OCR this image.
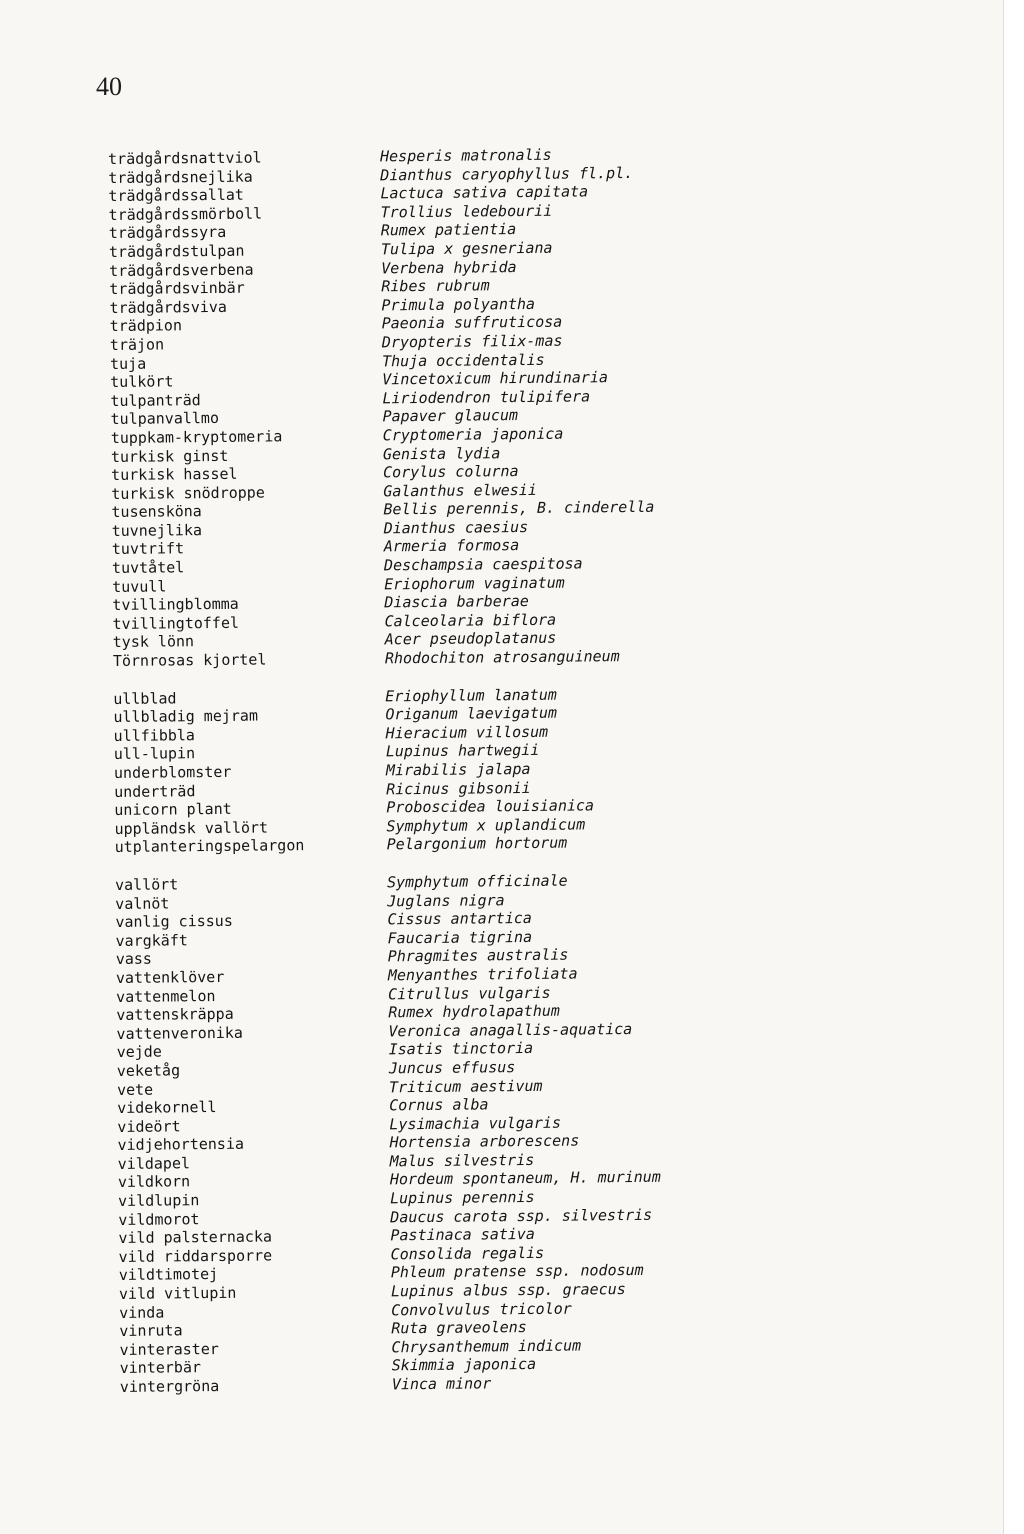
40
trädgårdsnattviol	Hesperis matronalis
trädgårdsnejlika	Dianthus caryophyllus fl.pl.
trädgårdssallat	Lactuca sativa capitata
trädgårdssmörboll	Trollius ledebourii
trädgårdssyra	Rumex patientia
trädgårdstulpan	Tulipa x gesneriana
trädgårdsverbena	Verbena hybrida
trädgårdsvinbär	Ribes rubrum
trädgårdsviva	Primula polyantha
trädpion	Paeonia suffruticosa
träjon	Dryopteris filix-mas
tuja	Thuja occidentalis
tulkört	Vincetoxicum hirundinaria
tulpanträd	Liriodendron tulipifera
tulpanvallmo	Papaver glaucum
tuppkam-kryptomeria	Cryptomeria japonica
turkisk ginst	Genista lydia
turkisk hassel	Corylus colurna
turkisk snödroppe	Galanthus elwesii
tusensköna	Bellis perennis, B. cinderella
tuvnejlika	Dianthus caesius
tuvtrift	Armeria formosa
tuvtåtel	Deschampsia caespitosa
tuvull	Eriophorum vaginatum
tvillingblomma	Diascia barberae
tvillingtoffel	Calceolaria biflora
tysk lönn	Acer pseudoplatanus
Törnrosas kjortel	Rhodochiton atrosanguineum
ullblad	Eriophyllum lanatum
ullbladig mejram	Origanum laevigatum
ullfibbla	Hieracium villosum
ull-lupin	Lupinus hartwegii
underblomster	Mirabilis jalapa
underträd	Ricinus gibsonii
unicorn plant	Proboscidea louisianica
uppländsk vallört	Symphytum x uplandicum
utplanteringspelargon	Pelargonium hortorum
vallört	Symphytum officinale
valnöt	Juglans nigra
vanlig cissus	Cissus antartica
vargkäft	Faucaria tigrina
vass	Phragmites australis
vattenklöver	Menyanthes trifoliata
vattenmelon	Citrullus vulgaris
vattenskräppa	Rumex hydrolapathum
vattenveronika	Veronica anagallis-aquatica
vejde	Isatis tinctoria
veketåg	Juncus effusus
vete	Triticum aestivum
videkornell	Cornus alba
videört	Lysimachia vulgaris
vidjehortensia	Hortensia arborescens
vildapel	Malus silvestris
vildkorn	Hordeum spontaneum, H. murinum
vildlupin	Lupinus perennis
vildmorot	Daucus carota ssp. silvestris
vild palsternacka	Pastinaca sativa
vild riddarsporre	Consolida regalis
vildtimotej	Phleum pratense ssp. nodosum
vild vitlupin	Lupinus albus ssp. graecus
vinda	Convolvulus tricolor
vinruta	Ruta graveolens
vinteraster	Chrysanthemum indicum
vinterbär	Skimmia japonica
vintergröna	Vinca minor
